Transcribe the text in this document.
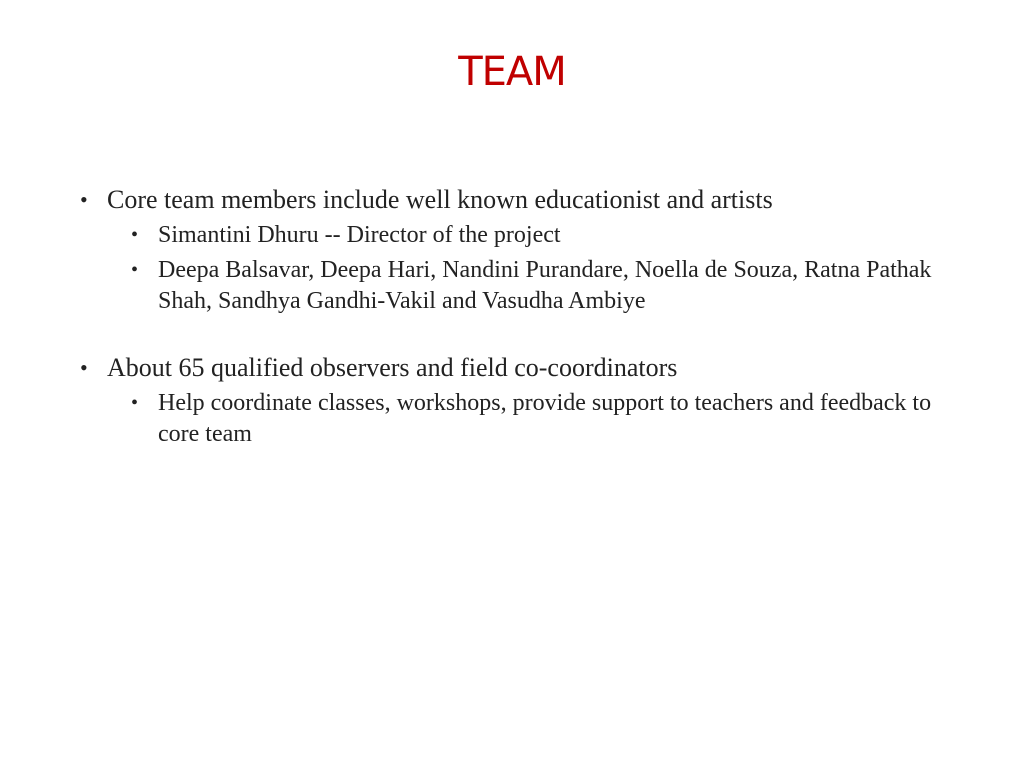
TEAM
• Core team members include well known educationist and artists
• Simantini Dhuru -- Director of the project
• Deepa Balsavar, Deepa Hari, Nandini Purandare, Noella de Souza, Ratna Pathak Shah, Sandhya Gandhi-Vakil and Vasudha Ambiye
• About 65 qualified observers and field co-coordinators
• Help coordinate classes, workshops, provide support to teachers and feedback to core team
